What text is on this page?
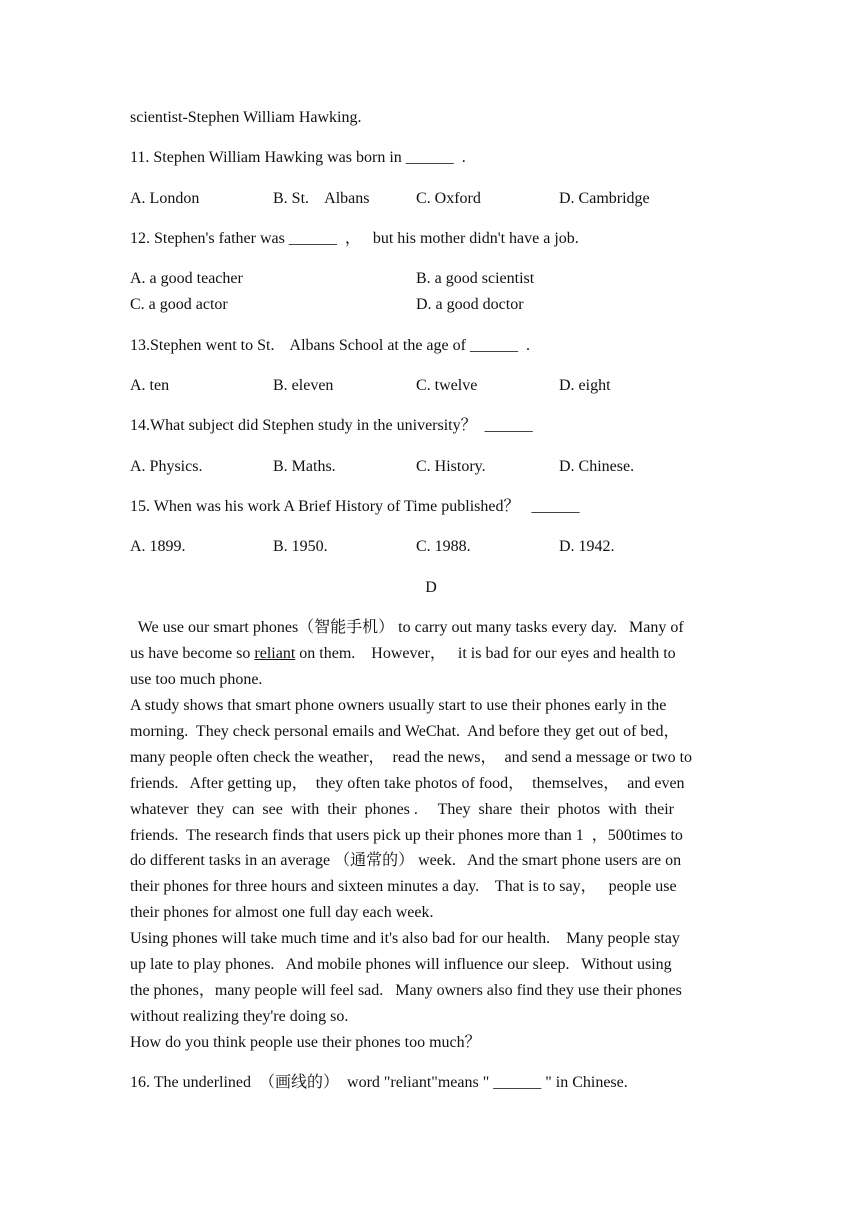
scientist-Stephen William Hawking.
11. Stephen William Hawking was born in ______  .
A. London	B. St.    Albans	C. Oxford	D. Cambridge
12. Stephen's father was ______  ，   but his mother didn't have a job.
A. a good teacher	B. a good scientist
C. a good actor	D. a good doctor
13.Stephen went to St.    Albans School at the age of ______  .
A. ten	B. eleven	C. twelve	D. eight
14.What subject did Stephen study in the university？  ______
A. Physics.	B. Maths.	C. History.	D. Chinese.
15. When was his work A Brief History of Time published？   ______
A. 1899.	B. 1950.	C. 1988.	D. 1942.
D
We use our smart phones（智能手机） to carry out many tasks every day.   Many of
us have become so reliant on them.    However，   it is bad for our eyes and health to
use too much phone.
A study shows that smart phone owners usually start to use their phones early in the
morning.  They check personal emails and WeChat.  And before they get out of bed，
many people often check the weather，  read the news，  and send a message or two to
friends.   After getting up，  they often take photos of food，  themselves，  and even
whatever  they  can  see  with  their  phones .     They  share  their  photos  with  their
friends.  The research finds that users pick up their phones more than 1  ，500times to
do different tasks in an average （通常的） week.   And the smart phone users are on
their phones for three hours and sixteen minutes a day.    That is to say，   people use
their phones for almost one full day each week.
Using phones will take much time and it's also bad for our health.    Many people stay
up late to play phones.   And mobile phones will influence our sleep.   Without using
the phones，many people will feel sad.   Many owners also find they use their phones
without realizing they're doing so.
How do you think people use their phones too much？
16. The underlined  （画线的）  word "reliant"means " ______ " in Chinese.
